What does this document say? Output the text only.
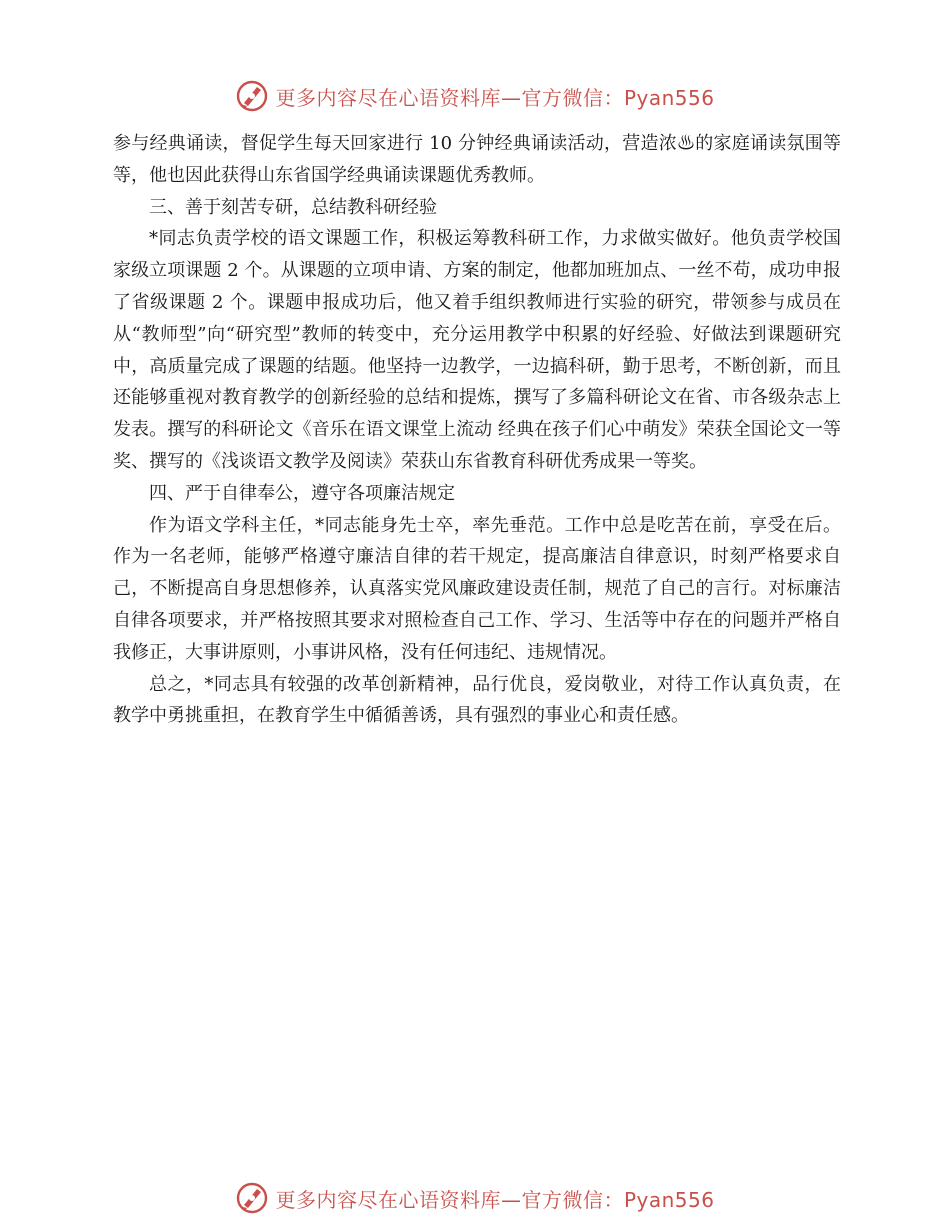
更多内容尽在心语资料库—官方微信：Pyan556

参与经典诵读，督促学生每天回家进行 10 分钟经典诵读活动，营造浓♨的家庭诵读氛围等等，他也因此获得山东省国学经典诵读课题优秀教师。

三、善于刻苦专研，总结教科研经验

*同志负责学校的语文课题工作，积极运筹教科研工作，力求做实做好。他负责学校国家级立项课题 2 个。从课题的立项申请、方案的制定，他都加班加点、一丝不苟，成功申报了省级课题 2 个。课题申报成功后，他又着手组织教师进行实验的研究，带领参与成员在从“教师型”向“研究型”教师的转变中，充分运用教学中积累的好经验、好做法到课题研究中，高质量完成了课题的结题。他坚持一边教学，一边搞科研，勤于思考，不断创新，而且还能够重视对教育教学的创新经验的总结和提炼，撰写了多篇科研论文在省、市各级杂志上发表。撰写的科研论文《音乐在语文课堂上流动 经典在孩子们心中萌发》荣获全国论文一等奖、撰写的《浅谈语文教学及阅读》荣获山东省教育科研优秀成果一等奖。

四、严于自律奉公，遵守各项廉洁规定

作为语文学科主任，*同志能身先士卒，率先垂范。工作中总是吃苦在前，享受在后。作为一名老师，能够严格遵守廉洁自律的若干规定，提高廉洁自律意识，时刻严格要求自己，不断提高自身思想修养，认真落实党风廉政建设责任制，规范了自己的言行。对标廉洁自律各项要求，并严格按照其要求对照检查自己工作、学习、生活等中存在的问题并严格自我修正，大事讲原则，小事讲风格，没有任何违纪、违规情况。

总之，*同志具有较强的改革创新精神，品行优良，爱岗敬业，对待工作认真负责，在教学中勇挑重担，在教育学生中循循善诱，具有强烈的事业心和责任感。

更多内容尽在心语资料库—官方微信：Pyan556
